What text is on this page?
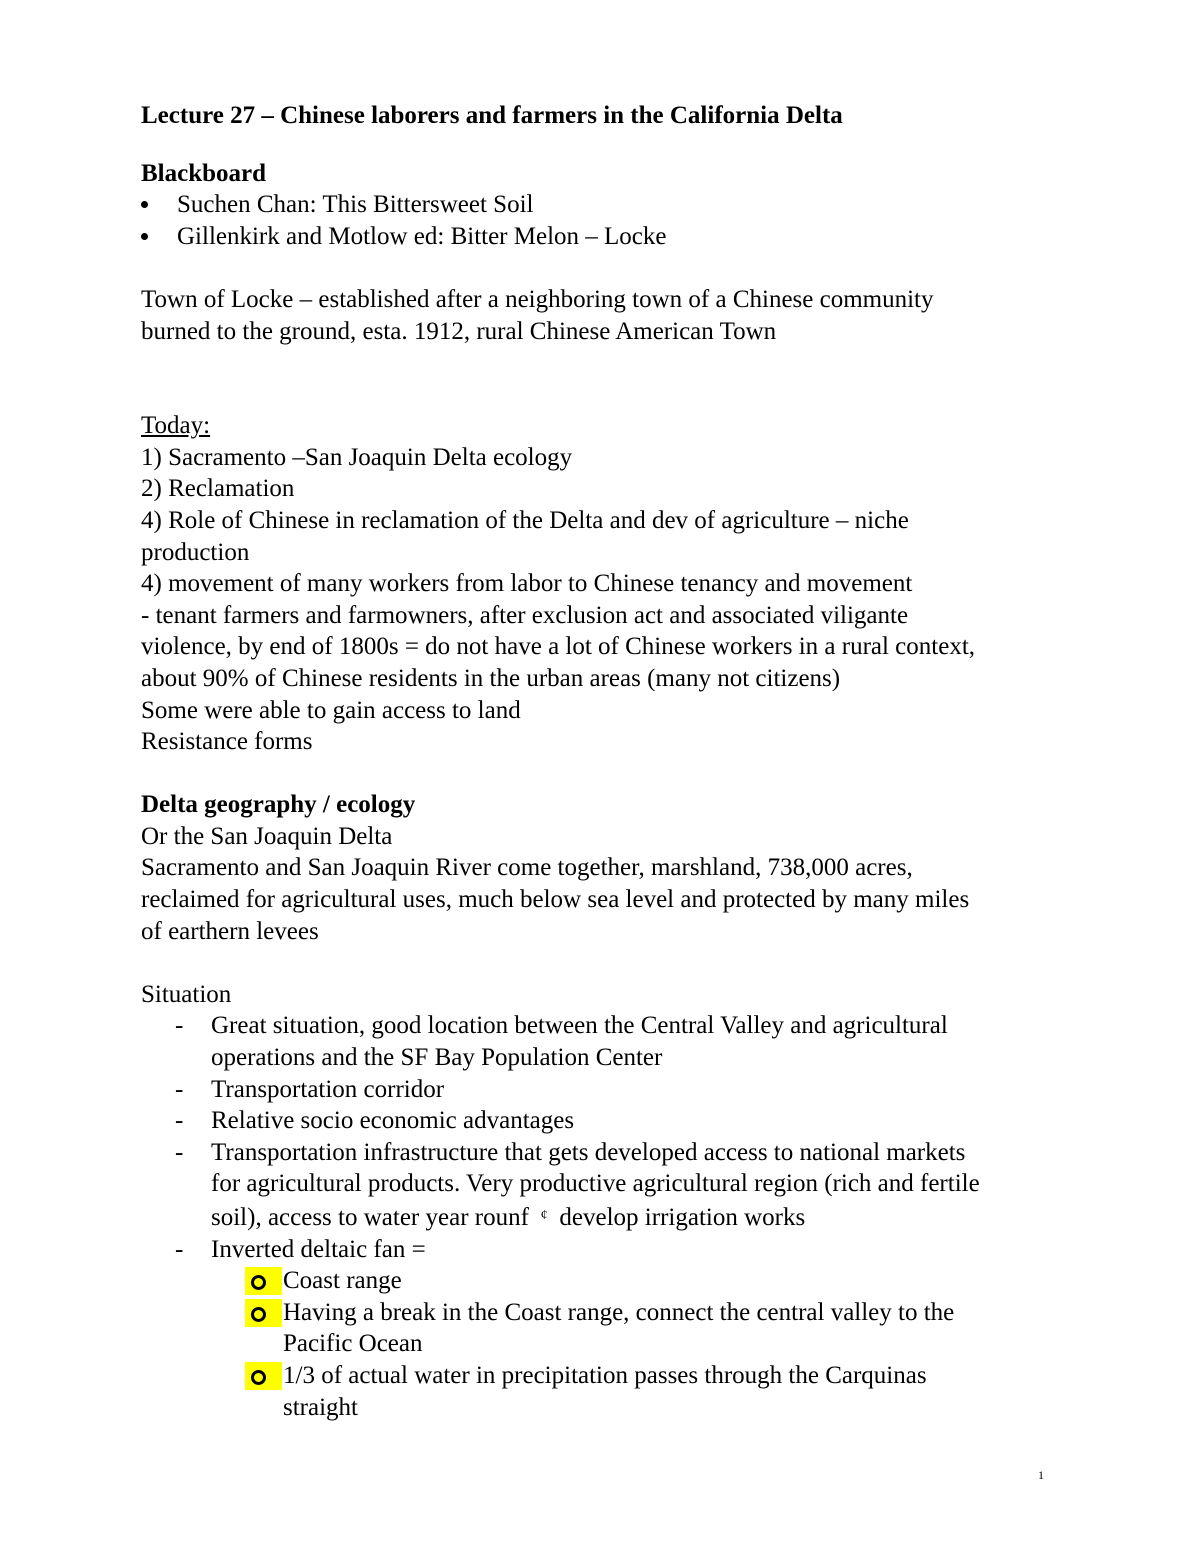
Lecture 27 – Chinese laborers and farmers in the California Delta
Blackboard
Suchen Chan: This Bittersweet Soil
Gillenkirk and Motlow ed: Bitter Melon – Locke
Town of Locke – established after a neighboring town of a Chinese community
burned to the ground, esta. 1912, rural Chinese American Town
Today:
1) Sacramento –San Joaquin Delta ecology
2) Reclamation
4) Role of Chinese in reclamation of the Delta and dev of agriculture – niche
production
4) movement of many workers from labor to Chinese tenancy and movement
- tenant farmers and farmowners, after exclusion act and associated viligante
violence, by end of 1800s = do not have a lot of Chinese workers in a rural context,
about 90% of Chinese residents in the urban areas (many not citizens)
Some were able to gain access to land
Resistance forms
Delta geography / ecology
Or the San Joaquin Delta
Sacramento and San Joaquin River come together, marshland, 738,000 acres,
reclaimed for agricultural uses, much below sea level and protected by many miles
of earthern levees
Situation
- Great situation, good location between the Central Valley and agricultural
operations and the SF Bay Population Center
- Transportation corridor
- Relative socio economic advantages
- Transportation infrastructure that gets developed access to national markets
for agricultural products. Very productive agricultural region (rich and fertile
soil), access to water year rounf ¢ develop irrigation works
- Inverted deltaic fan =
Coast range
Having a break in the Coast range, connect the central valley to the
Pacific Ocean
1/3 of actual water in precipitation passes through the Carquinas
straight
1
